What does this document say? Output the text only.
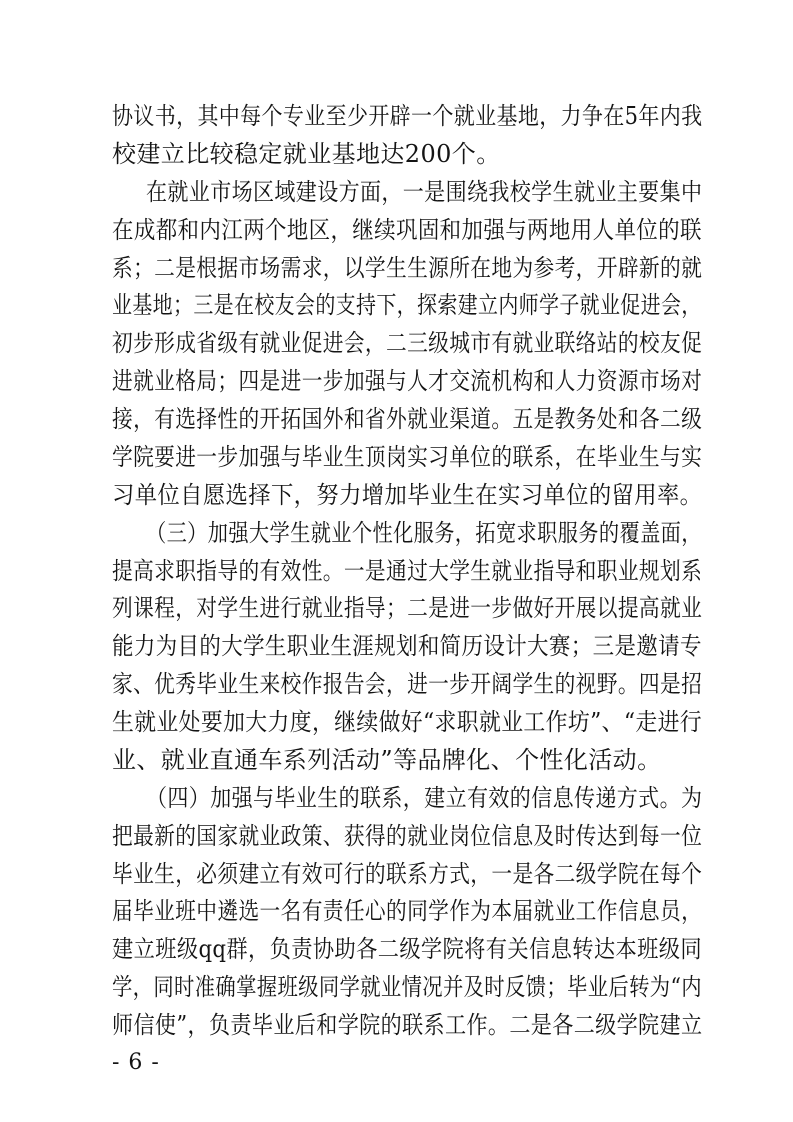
协议书，其中每个专业至少开辟一个就业基地，力争在5年内我
校建立比较稳定就业基地达200个。
在就业市场区域建设方面，一是围绕我校学生就业主要集中
在成都和内江两个地区，继续巩固和加强与两地用人单位的联
系；二是根据市场需求，以学生生源所在地为参考，开辟新的就
业基地；三是在校友会的支持下，探索建立内师学子就业促进会，
初步形成省级有就业促进会，二三级城市有就业联络站的校友促
进就业格局；四是进一步加强与人才交流机构和人力资源市场对
接，有选择性的开拓国外和省外就业渠道。五是教务处和各二级
学院要进一步加强与毕业生顶岗实习单位的联系，在毕业生与实
习单位自愿选择下，努力增加毕业生在实习单位的留用率。
（三）加强大学生就业个性化服务，拓宽求职服务的覆盖面，
提高求职指导的有效性。一是通过大学生就业指导和职业规划系
列课程，对学生进行就业指导；二是进一步做好开展以提高就业
能力为目的大学生职业生涯规划和简历设计大赛；三是邀请专
家、优秀毕业生来校作报告会，进一步开阔学生的视野。四是招
生就业处要加大力度，继续做好“求职就业工作坊”、“走进行
业、就业直通车系列活动”等品牌化、个性化活动。
（四）加强与毕业生的联系，建立有效的信息传递方式。为
把最新的国家就业政策、获得的就业岗位信息及时传达到每一位
毕业生，必须建立有效可行的联系方式，一是各二级学院在每个
届毕业班中遴选一名有责任心的同学作为本届就业工作信息员，
建立班级qq群，负责协助各二级学院将有关信息转达本班级同
学，同时准确掌握班级同学就业情况并及时反馈；毕业后转为“内
师信使”，负责毕业后和学院的联系工作。二是各二级学院建立
- 6 -
